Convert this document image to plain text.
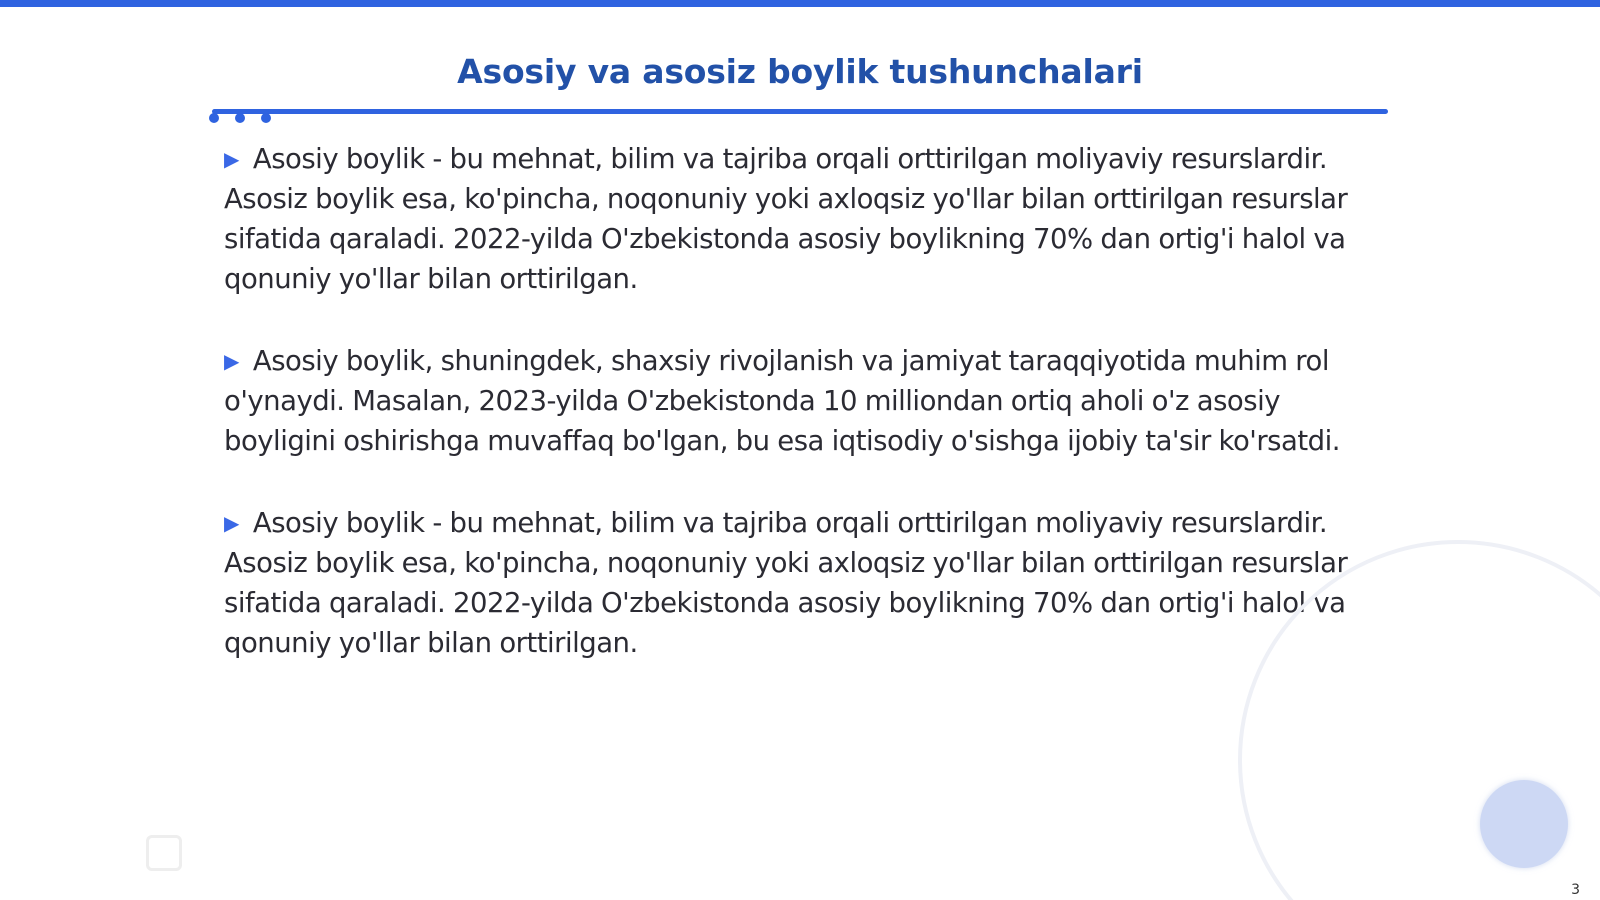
Asosiy va asosiz boylik tushunchalari

▶ Asosiy boylik - bu mehnat, bilim va tajriba orqali orttirilgan moliyaviy resurslardir. Asosiz boylik esa, ko'pincha, noqonuniy yoki axloqsiz yo'llar bilan orttirilgan resurslar sifatida qaraladi. 2022-yilda O'zbekistonda asosiy boylikning 70% dan ortig'i halol va qonuniy yo'llar bilan orttirilgan.

▶ Asosiy boylik, shuningdek, shaxsiy rivojlanish va jamiyat taraqqiyotida muhim rol o'ynaydi. Masalan, 2023-yilda O'zbekistonda 10 milliondan ortiq aholi o'z asosiy boyligini oshirishga muvaffaq bo'lgan, bu esa iqtisodiy o'sishga ijobiy ta'sir ko'rsatdi.

▶ Asosiy boylik - bu mehnat, bilim va tajriba orqali orttirilgan moliyaviy resurslardir. Asosiz boylik esa, ko'pincha, noqonuniy yoki axloqsiz yo'llar bilan orttirilgan resurslar sifatida qaraladi. 2022-yilda O'zbekistonda asosiy boylikning 70% dan ortig'i halol va qonuniy yo'llar bilan orttirilgan.

3
